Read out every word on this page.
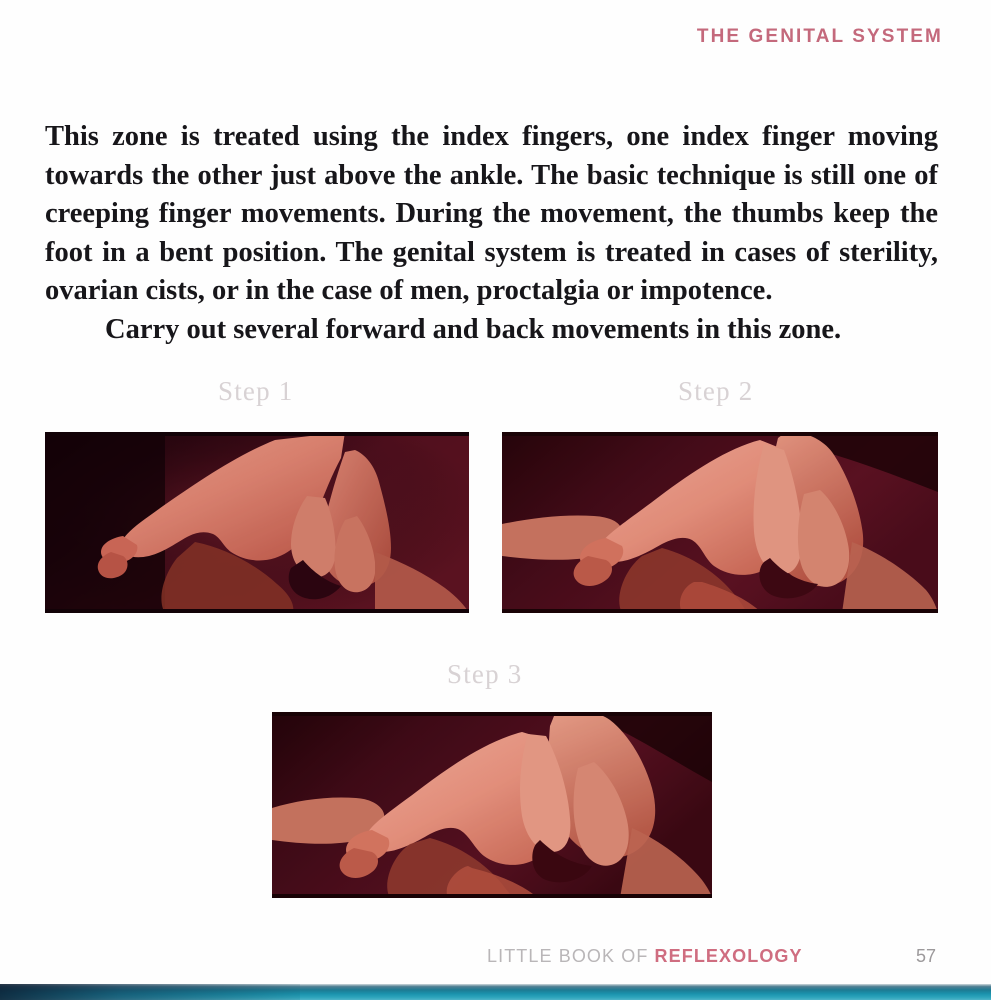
THE GENITAL SYSTEM

This zone is treated using the index fingers, one index finger moving towards the other just above the ankle. The basic technique is still one of creeping finger movements. During the movement, the thumbs keep the foot in a bent position. The genital system is treated in cases of sterility, ovarian cists, or in the case of men, proctalgia or impotence.

Carry out several forward and back movements in this zone.

Step 1	Step 2
Step 3
LITTLE BOOK OF REFLEXOLOGY	57
